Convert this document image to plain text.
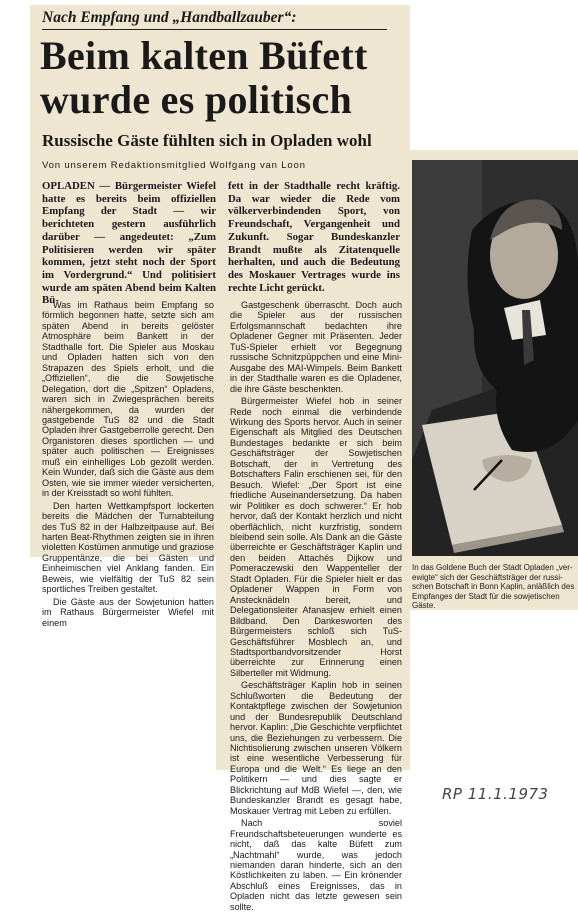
Nach Empfang und „Handballzauber“:
Beim kalten Büfett
wurde es politisch
Russische Gäste fühlten sich in Opladen wohl
Von unserem Redaktionsmitglied Wolfgang van Loon
OPLADEN — Bürgermeister Wiefel hatte es bereits beim offiziellen Empfang der Stadt — wir berichteten gestern ausführlich darüber — angedeutet: „Zum Politisieren werden wir später kommen, jetzt steht noch der Sport im Vordergrund.“ Und politisiert wurde am späten Abend beim Kalten Bü-
fett in der Stadthalle recht kräftig. Da war wieder die Rede vom völkerverbindenden Sport, von Freundschaft, Vergangenheit und Zukunft. Sogar Bundeskanzler Brandt mußte als Zitatenquelle herhalten, und auch die Bedeutung des Moskauer Vertrages wurde ins rechte Licht gerückt.

Was im Rathaus beim Empfang so förmlich begonnen hatte, setzte sich am späten Abend in bereits gelöster Atmosphäre beim Bankett in der Stadthalle fort. Die Spieler aus Moskau und Opladen hatten sich von den Strapazen des Spiels erholt, und die „Offiziellen“, die die Sowjetische Delegation, dort die „Spitzen“ Opladens, waren sich in Zwiegesprächen bereits nähergekommen, da wurden der gastgebende TuS 82 und die Stadt Opladen ihrer Gastgeberrolle gerecht. Den Organistoren dieses sportlichen — und später auch politischen — Ereignisses muß ein einhelliges Lob gezollt werden. Kein Wunder, daß sich die Gäste aus dem Osten, wie sie immer wieder versicherten, in der Kreisstadt so wohl fühlten.

Den harten Wettkampfsport lockerten bereits die Mädchen der Turnabteilung des TuS 82 in der Halbzeitpause auf. Bei harten Beat-Rhythmen zeigten sie in ihren violetten Kostümen anmutige und graziose Gruppentänze, die bei Gästen und Einheimischen viel Anklang fanden. Ein Beweis, wie vielfältig der TuS 82 sein sportliches Treiben gestaltet.

Die Gäste aus der Sowjetunion hatten im Rathaus Bürgermeister Wiefel mit einem

Gastgeschenk überrascht. Doch auch die Spieler aus der russischen Erfolgsmannschaft bedachten ihre Opladener Gegner mit Präsenten. Jeder TuS-Spieler erhielt vor Begegnung russische Schnitzpüppchen und eine Mini-Ausgabe des MAI-Wimpels. Beim Bankett in der Stadthalle waren es die Opladener, die ihre Gäste beschenkten.

Bürgermeister Wiefel hob in seiner Rede noch einmal die verbindende Wirkung des Sports hervor. Auch in seiner Eigenschaft als Mitglied des Deutschen Bundestages bedankte er sich beim Geschäftsträger der Sowjetischen Botschaft, der in Vertretung des Botschafters Falin erschienen sei, für den Besuch. Wiefel: „Der Sport ist eine friedliche Auseinandersetzung. Da haben wir Politiker es doch schwerer.“ Er hob hervor, daß der Kontakt herzlich und nicht oberflächlich, nicht kurzfristig, sondern bleibend sein solle. Als Dank an die Gäste überreichte er Geschäftsträger Kaplin und den beiden Attachés Dijkow und Pomeraczewski den Wappenteller der Stadt Opladen. Für die Spieler hielt er das Opladener Wappen in Form von Anstecknädeln bereit, und Delegationsleiter Afanasjew erhielt einen Bildband. Den Dankesworten des Bürgermeisters schloß sich TuS-Geschäftsführer Mosblech an, und Stadtsportbandvorsitzender Horst überreichte zur Erinnerung einen Silberteller mit Widmung.

Geschäftsträger Kaplin hob in seinen Schlußworten die Bedeutung der Kontaktpflege zwischen der Sowjetunion und der Bundesrepublik Deutschland hervor. Kaplin: „Die Geschichte verpflichtet uns, die Beziehungen zu verbessern. Die Nichtisolierung zwischen unseren Völkern ist eine wesentliche Verbesserung für Europa und die Welt.“ Es liege an den Politikern — und dies sagte er Blickrichtung auf MdB Wiefel —, den, wie Bundeskanzler Brandt es gesagt habe, Moskauer Vertrag mit Leben zu erfüllen.

Nach soviel Freundschaftsbeteuerungen wunderte es nicht, daß das kalte Büfett zum „Nachtmahl“ wurde, was jedoch niemanden daran hinderte, sich an den Köstlichkeiten zu laben. — Ein krönender Abschluß eines Ereignisses, das in Opladen nicht das letzte gewesen sein sollte.

In das Goldene Buch der Stadt Opladen „ver-
ewigte“ sich der Geschäftsträger der russi-
schen Botschaft in Bonn Kaplin, anläßlich des
Empfanges der Stadt für die sowjetischen
Gäste.
RP 11.1.1973
